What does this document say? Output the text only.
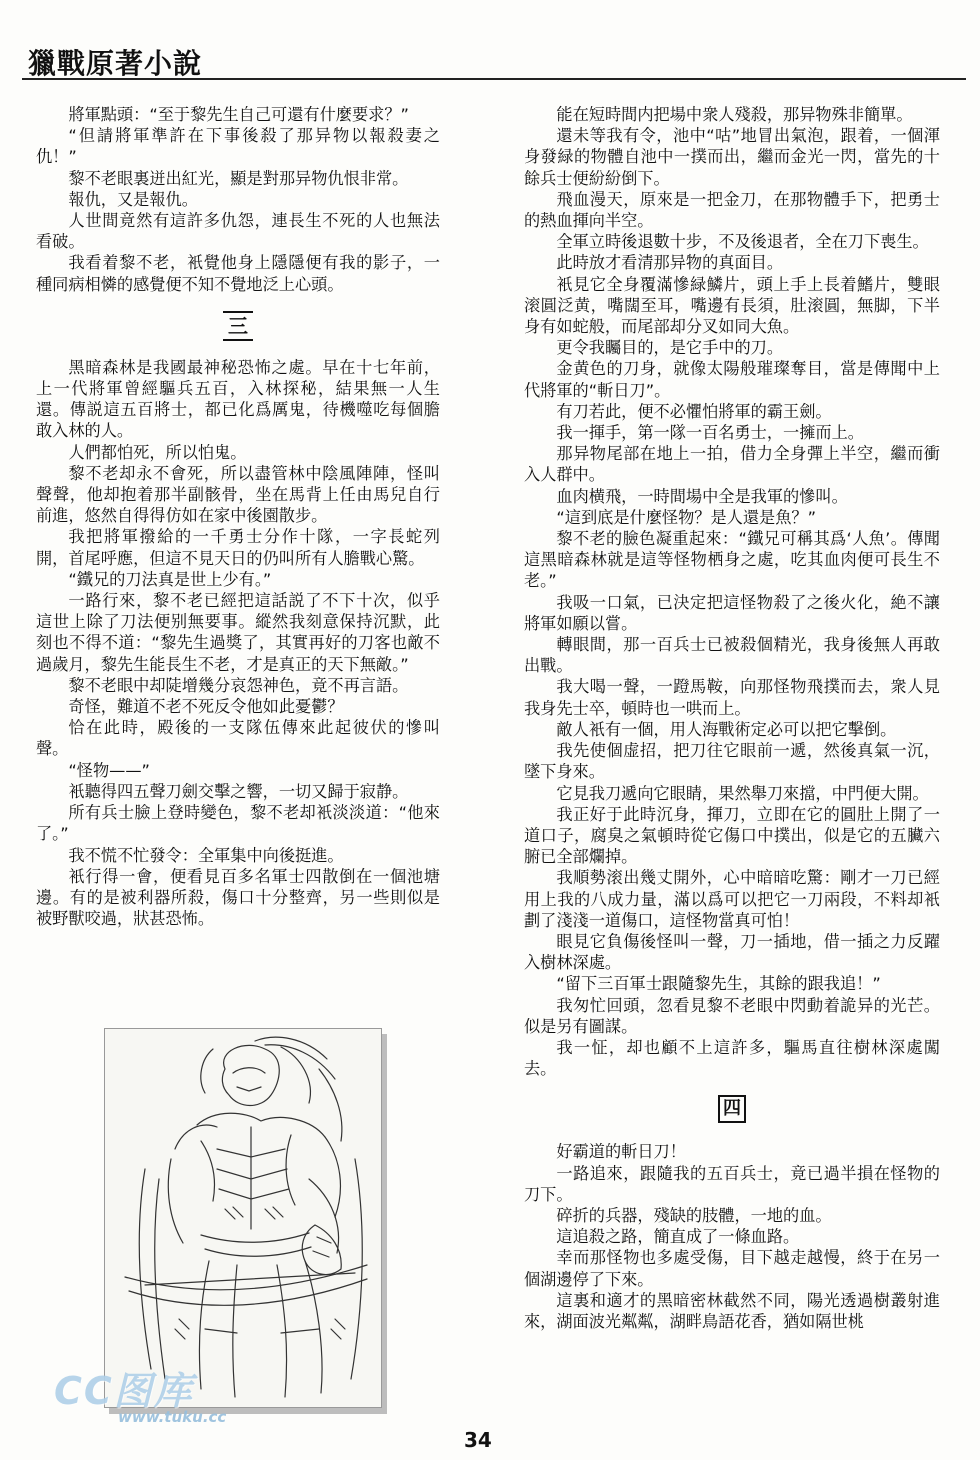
獵戰原著小說

將軍點頭：“至于黎先生自己可還有什麼要求？”

“但請將軍準許在下事後殺了那异物以報殺妻之仇！”

黎不老眼裏迸出紅光，顯是對那异物仇恨非常。

報仇，又是報仇。

人世間竟然有這許多仇怨，連長生不死的人也無法看破。

我看着黎不老，衹覺他身上隱隱便有我的影子，一種同病相憐的感覺便不知不覺地泛上心頭。

三

黑暗森林是我國最神秘恐怖之處。早在十七年前，上一代將軍曾經驅兵五百，入林探秘，結果無一人生還。傳説這五百將士，都已化爲厲鬼，待機噬吃每個膽敢入林的人。

人們都怕死，所以怕鬼。

黎不老却永不會死，所以盡管林中陰風陣陣，怪叫聲聲，他却抱着那半副骸骨，坐在馬背上任由馬兒自行前進，悠然自得得仿如在家中後園散步。

我把將軍撥給的一千勇士分作十隊，一字長蛇列開，首尾呼應，但這不見天日的仍叫所有人膽戰心驚。

“鐵兄的刀法真是世上少有。”

一路行來，黎不老已經把這話説了不下十次，似乎這世上除了刀法便别無要事。縱然我刻意保持沉默，此刻也不得不道：“黎先生過獎了，其實再好的刀客也敵不過歲月，黎先生能長生不老，才是真正的天下無敵。”

黎不老眼中却陡增幾分哀怨神色，竟不再言語。

奇怪，難道不老不死反令他如此憂鬱？

恰在此時，殿後的一支隊伍傳來此起彼伏的慘叫聲。

“怪物——”

衹聽得四五聲刀劍交擊之響，一切又歸于寂静。

所有兵士臉上登時變色，黎不老却衹淡淡道：“他來了。”

我不慌不忙發令：全軍集中向後挺進。

衹行得一會，便看見百多名軍士四散倒在一個池塘邊。有的是被利器所殺，傷口十分整齊，另一些則似是被野獸咬過，狀甚恐怖。

能在短時間内把場中衆人殘殺，那异物殊非簡單。

還未等我有令，池中“咕”地冒出氣泡，跟着，一個渾身發緑的物體自池中一撲而出，繼而金光一閃，當先的十餘兵士便紛紛倒下。

飛血漫天，原來是一把金刀，在那物體手下，把勇士的熱血揮向半空。

全軍立時後退數十步，不及後退者，全在刀下喪生。

此時放才看清那异物的真面目。

衹見它全身覆滿慘緑鱗片，頭上手上長着鰭片，雙眼滚圓泛黄，嘴闊至耳，嘴邊有長須，肚滚圓，無脚，下半身有如蛇般，而尾部却分叉如同大魚。

更令我矚目的，是它手中的刀。

金黄色的刀身，就像太陽般璀璨奪目，當是傳聞中上代將軍的“斬日刀”。

有刀若此，便不必懼怕將軍的霸王劍。

我一揮手，第一隊一百名勇士，一擁而上。

那异物尾部在地上一拍，借力全身彈上半空，繼而衝入人群中。

血肉横飛，一時間場中全是我軍的慘叫。

“這到底是什麼怪物？是人還是魚？”

黎不老的臉色凝重起來：“鐵兄可稱其爲‘人魚’。傳聞這黑暗森林就是這等怪物栖身之處，吃其血肉便可長生不老。”

我吸一口氣，已決定把這怪物殺了之後火化，絶不讓將軍如願以嘗。

轉眼間，那一百兵士已被殺個精光，我身後無人再敢出戰。

我大喝一聲，一蹬馬鞍，向那怪物飛撲而去，衆人見我身先士卒，頓時也一哄而上。

敵人衹有一個，用人海戰術定必可以把它擊倒。

我先使個虚招，把刀往它眼前一遞，然後真氣一沉，墜下身來。

它見我刀遞向它眼睛，果然舉刀來擋，中門便大開。

我正好于此時沉身，揮刀，立即在它的圓肚上開了一道口子，腐臭之氣頓時從它傷口中撲出，似是它的五臟六腑已全部爛掉。

我順勢滚出幾丈開外，心中暗暗吃驚：剛才一刀已經用上我的八成力量，滿以爲可以把它一刀兩段，不料却衹劃了淺淺一道傷口，這怪物當真可怕！

眼見它負傷後怪叫一聲，刀一插地，借一插之力反躍入樹林深處。

“留下三百軍士跟隨黎先生，其餘的跟我追！”

我匆忙回頭，忽看見黎不老眼中閃動着詭异的光芒。似是另有圖謀。

我一怔，却也顧不上這許多，驅馬直往樹林深處闖去。

四

好霸道的斬日刀！

一路追來，跟隨我的五百兵士，竟已過半損在怪物的刀下。

碎折的兵器，殘缺的肢體，一地的血。

這追殺之路，簡直成了一條血路。

幸而那怪物也多處受傷，目下越走越慢，終于在另一個湖邊停了下來。

這裏和適才的黑暗密林截然不同，陽光透過樹叢射進來，湖面波光粼粼，湖畔鳥語花香，猶如隔世桃

CC图库
www.tuku.cc
34
